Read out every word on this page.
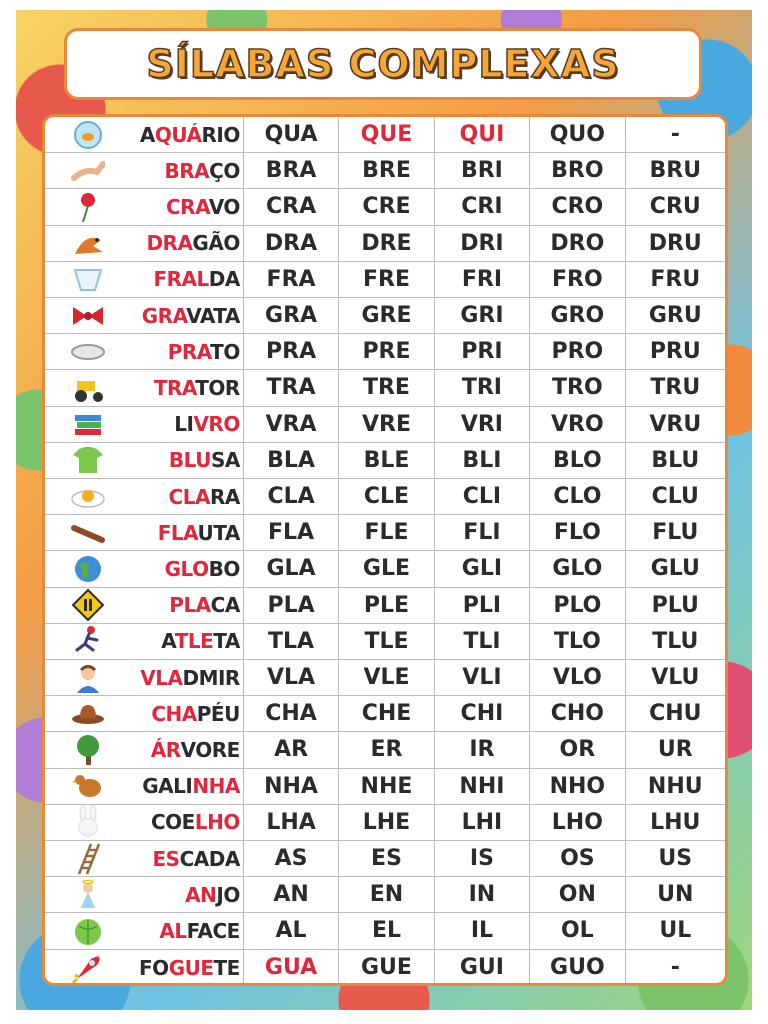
SÍLABAS COMPLEXAS
AQUÁRIO	QUA	QUE	QUI	QUO	-
BRAÇO	BRA	BRE	BRI	BRO	BRU
CRAVO	CRA	CRE	CRI	CRO	CRU
DRAGÃO	DRA	DRE	DRI	DRO	DRU
FRALDA	FRA	FRE	FRI	FRO	FRU
GRAVATA	GRA	GRE	GRI	GRO	GRU
PRATO	PRA	PRE	PRI	PRO	PRU
TRATOR	TRA	TRE	TRI	TRO	TRU
LIVRO	VRA	VRE	VRI	VRO	VRU
BLUSA	BLA	BLE	BLI	BLO	BLU
CLARA	CLA	CLE	CLI	CLO	CLU
FLAUTA	FLA	FLE	FLI	FLO	FLU
GLOBO	GLA	GLE	GLI	GLO	GLU
PLACA	PLA	PLE	PLI	PLO	PLU
ATLETA	TLA	TLE	TLI	TLO	TLU
VLADMIR	VLA	VLE	VLI	VLO	VLU
CHAPÉU	CHA	CHE	CHI	CHO	CHU
ÁRVORE	AR	ER	IR	OR	UR
GALINHA	NHA	NHE	NHI	NHO	NHU
COELHO	LHA	LHE	LHI	LHO	LHU
ESCADA	AS	ES	IS	OS	US
ANJO	AN	EN	IN	ON	UN
ALFACE	AL	EL	IL	OL	UL
FOGUETE	GUA	GUE	GUI	GUO	-
